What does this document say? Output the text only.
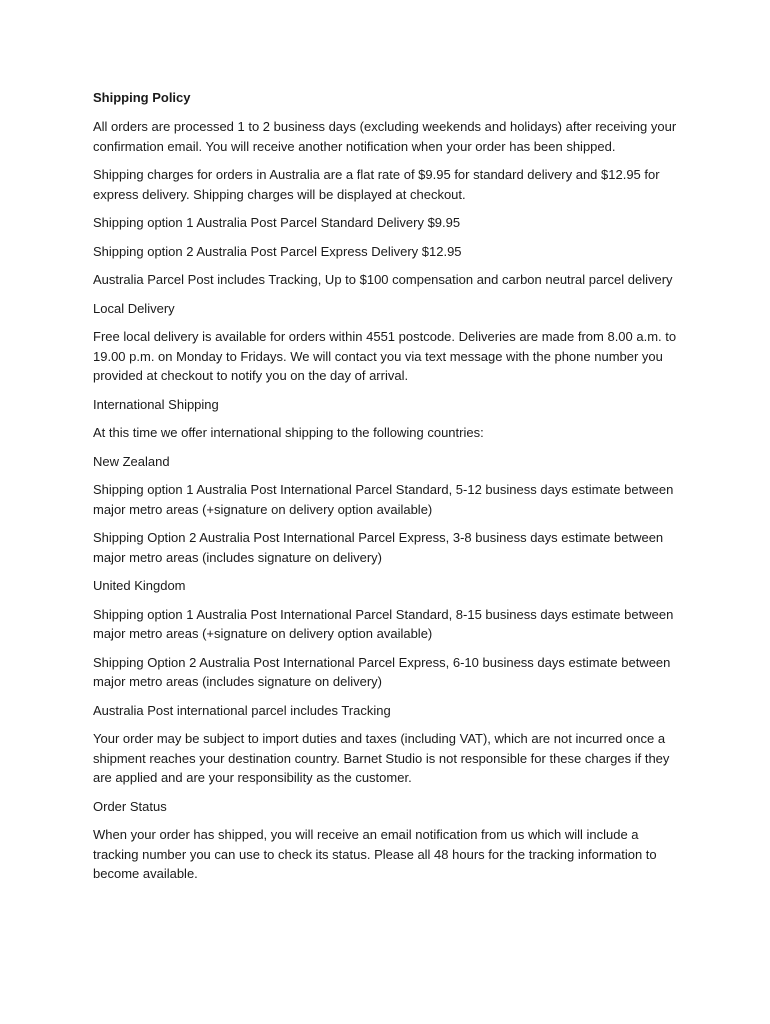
Shipping Policy

All orders are processed 1 to 2 business days (excluding weekends and holidays) after receiving your confirmation email. You will receive another notification when your order has been shipped.

Shipping charges for orders in Australia are a flat rate of $9.95 for standard delivery and $12.95 for express delivery. Shipping charges will be displayed at checkout.

Shipping option 1 Australia Post Parcel Standard Delivery $9.95

Shipping option 2 Australia Post Parcel Express Delivery $12.95

Australia Parcel Post includes Tracking, Up to $100 compensation and carbon neutral parcel delivery

Local Delivery

Free local delivery is available for orders within 4551 postcode. Deliveries are made from 8.00 a.m. to 19.00 p.m. on Monday to Fridays. We will contact you via text message with the phone number you provided at checkout to notify you on the day of arrival.

International Shipping

At this time we offer international shipping to the following countries:

New Zealand

Shipping option 1 Australia Post International Parcel Standard, 5-12 business days estimate between major metro areas (+signature on delivery option available)

Shipping Option 2 Australia Post International Parcel Express, 3-8 business days estimate between major metro areas (includes signature on delivery)

United Kingdom

Shipping option 1 Australia Post International Parcel Standard, 8-15 business days estimate between major metro areas (+signature on delivery option available)

Shipping Option 2 Australia Post International Parcel Express, 6-10 business days estimate between major metro areas (includes signature on delivery)

Australia Post international parcel includes Tracking

Your order may be subject to import duties and taxes (including VAT), which are not incurred once a shipment reaches your destination country. Barnet Studio is not responsible for these charges if they are applied and are your responsibility as the customer.

Order Status

When your order has shipped, you will receive an email notification from us which will include a tracking number you can use to check its status. Please all 48 hours for the tracking information to become available.
